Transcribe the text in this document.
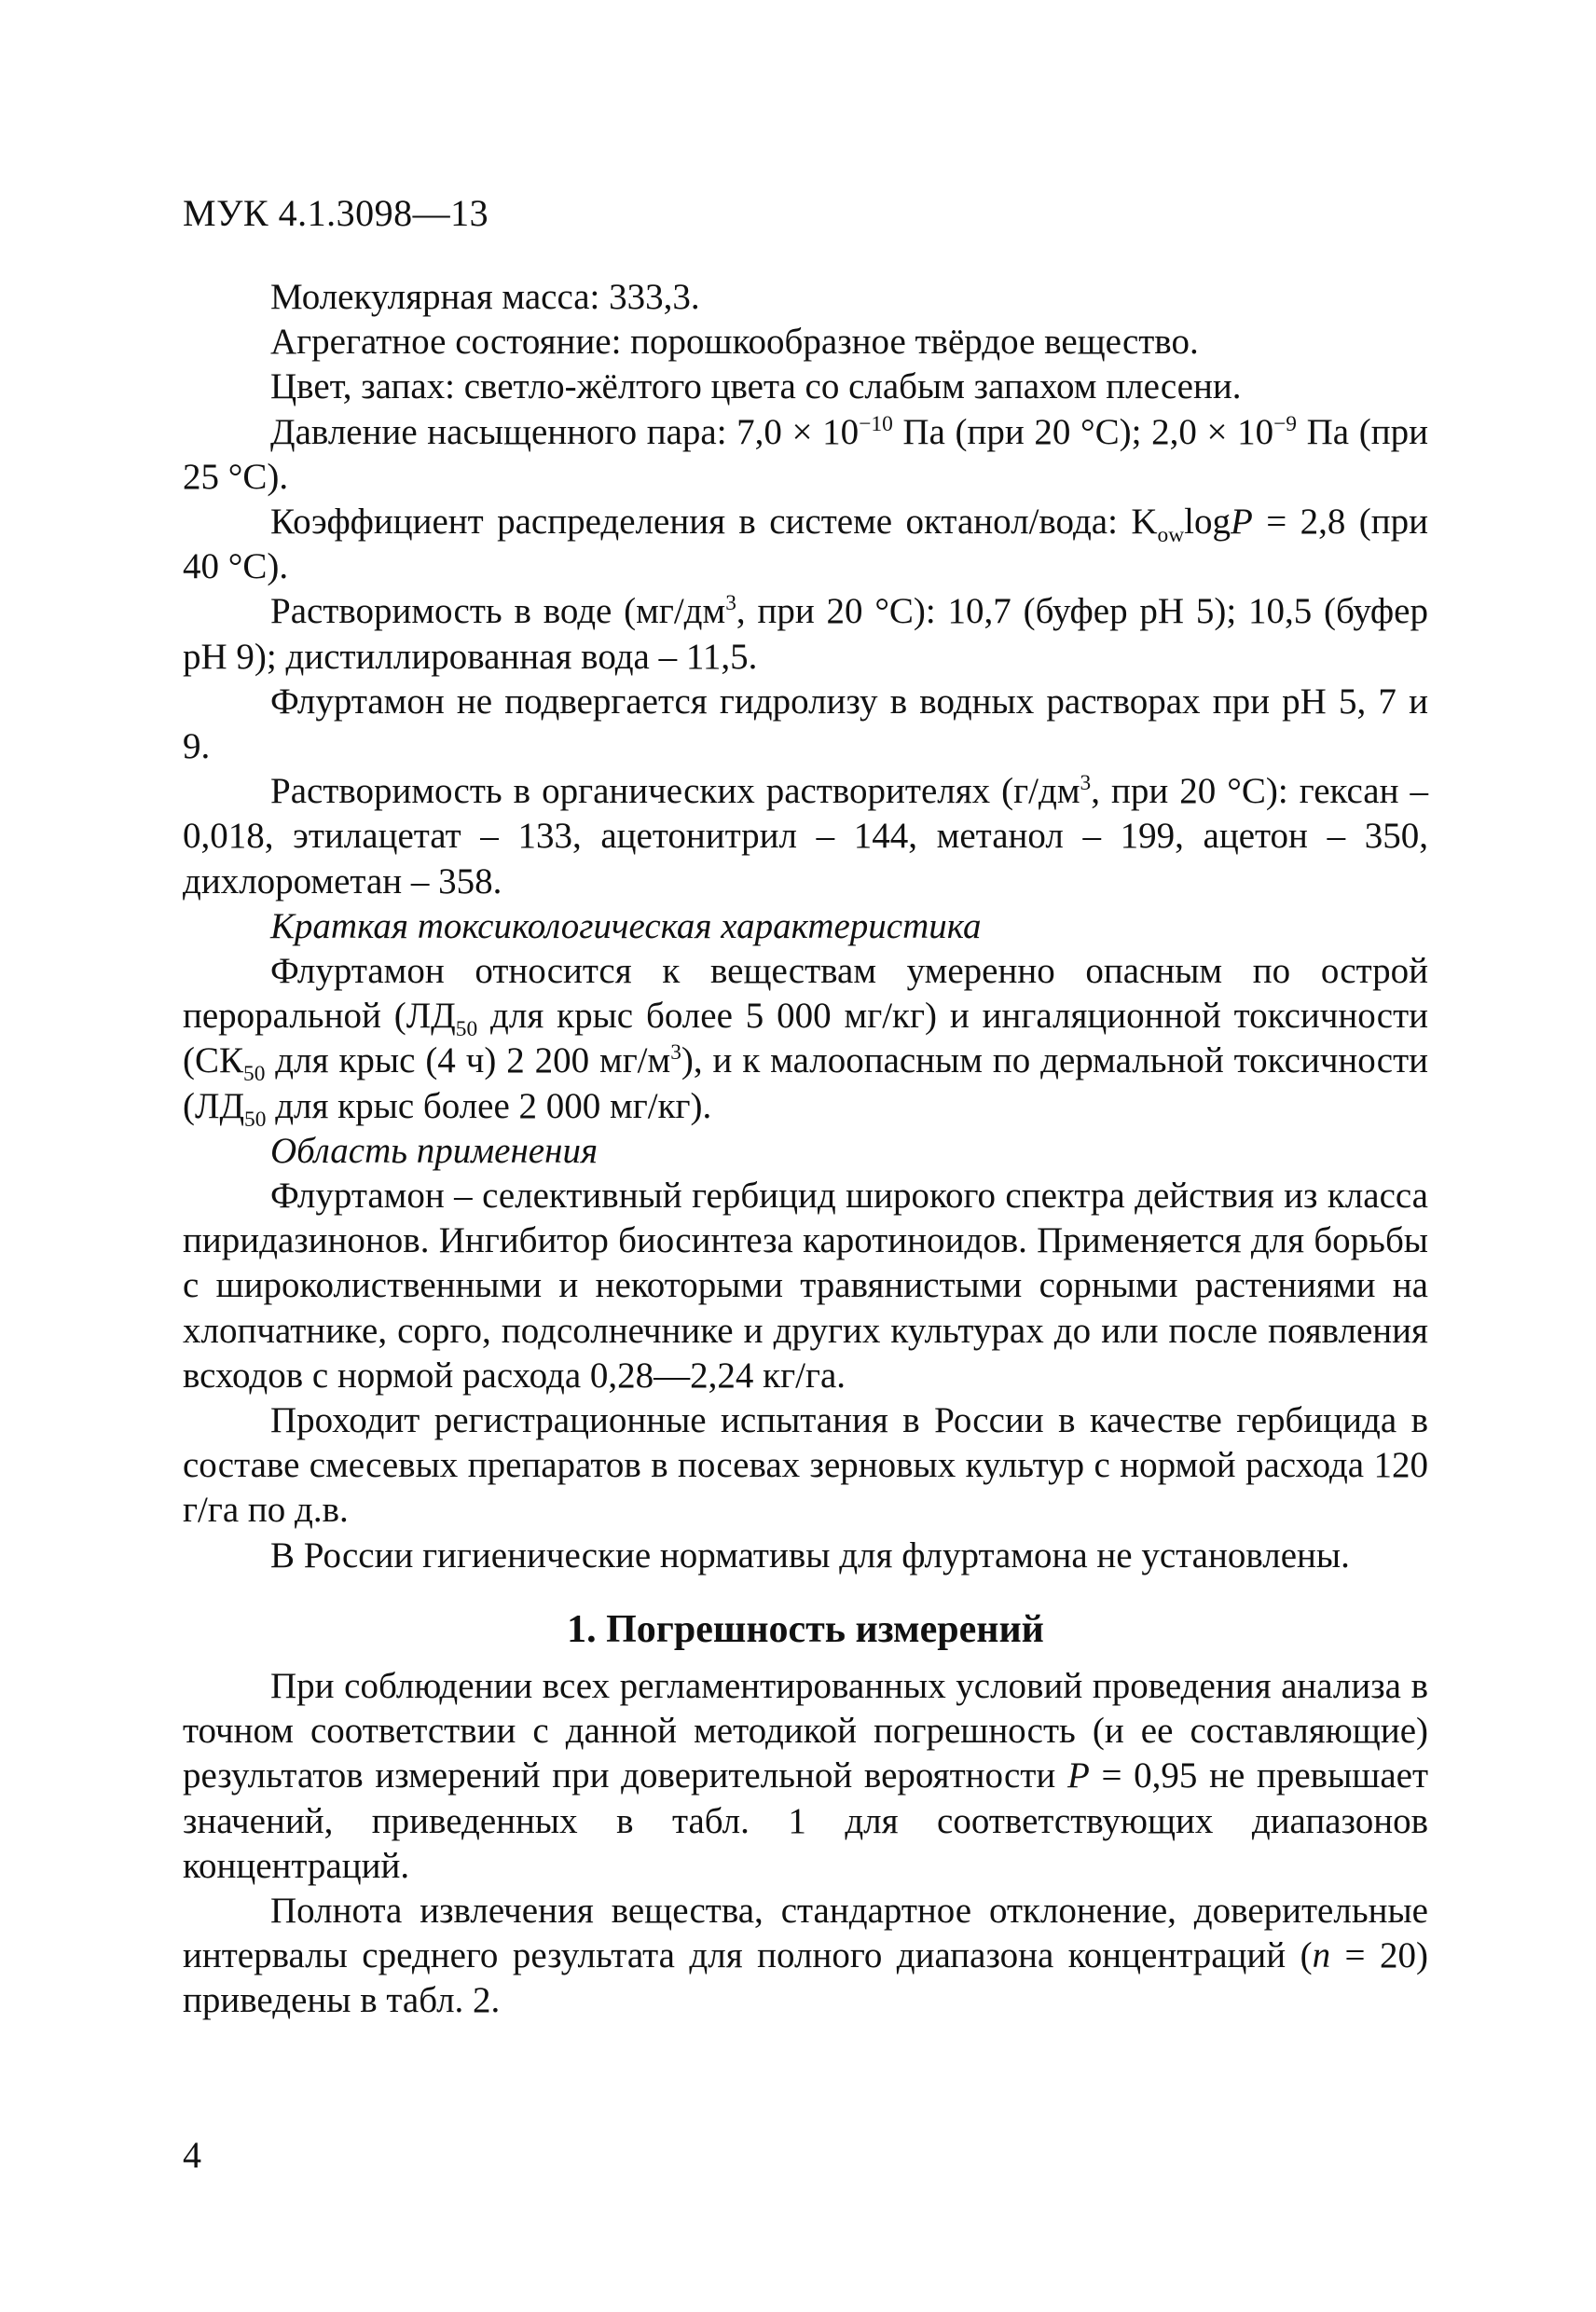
МУК 4.1.3098—13

Молекулярная масса: 333,3.

Агрегатное состояние: порошкообразное твёрдое вещество.

Цвет, запах: светло-жёлтого цвета со слабым запахом плесени.

Давление насыщенного пара: $7,0 \times 10^{-10}$ Па (при 20 °C); $2,0 \times 10^{-9}$ Па (при 25 °C).

Коэффициент распределения в системе октанол/вода: $K_{ow}\log P = 2,8$ (при 40 °C).

Растворимость в воде ($мг/дм^3$, при 20 °C): 10,7 (буфер рН 5); 10,5 (буфер рН 9); дистиллированная вода – 11,5.

Флуртамон не подвергается гидролизу в водных растворах при рН 5, 7 и 9.

Растворимость в органических растворителях ($г/дм^3$, при 20 °C): гексан – 0,018, этилацетат – 133, ацетонитрил – 144, метанол – 199, ацетон – 350, дихлорометан – 358.

Краткая токсикологическая характеристика

Флуртамон относится к веществам умеренно опасным по острой пероральной ($ЛД_{50}$ для крыс более 5 000 мг/кг) и ингаляционной токсичности ($СК_{50}$ для крыс (4 ч) 2 200 $мг/м^3$), и к малоопасным по дермальной токсичности ($ЛД_{50}$ для крыс более 2 000 мг/кг).

Область применения

Флуртамон – селективный гербицид широкого спектра действия из класса пиридазинонов. Ингибитор биосинтеза каротиноидов. Применяется для борьбы с широколиственными и некоторыми травянистыми сорными растениями на хлопчатнике, сорго, подсолнечнике и других культурах до или после появления всходов с нормой расхода 0,28—2,24 кг/га.

Проходит регистрационные испытания в России в качестве гербицида в составе смесевых препаратов в посевах зерновых культур с нормой расхода 120 г/га по д.в.

В России гигиенические нормативы для флуртамона не установлены.

1. Погрешность измерений

При соблюдении всех регламентированных условий проведения анализа в точном соответствии с данной методикой погрешность (и ее составляющие) результатов измерений при доверительной вероятности P = 0,95 не превышает значений, приведенных в табл. 1 для соответствующих диапазонов концентраций.

Полнота извлечения вещества, стандартное отклонение, доверительные интервалы среднего результата для полного диапазона концентраций (n = 20) приведены в табл. 2.

4
